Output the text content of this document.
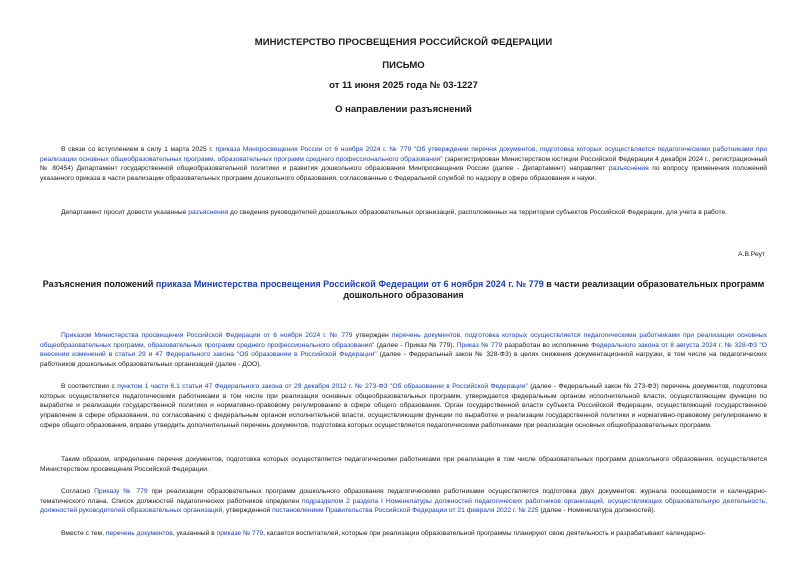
МИНИСТЕРСТВО ПРОСВЕЩЕНИЯ РОССИЙСКОЙ ФЕДЕРАЦИИ
ПИСЬМО
от 11 июня 2025 года № 03-1227
О направлении разъяснений
В связи со вступлением в силу 1 марта 2025 г. приказа Минпросвещения России от 6 ноября 2024 г. № 779 "Об утверждении перечня документов, подготовка которых осуществляется педагогическими работниками при реализации основных общеобразовательных программ, образовательных программ среднего профессионального образования" (зарегистрирован Министерством юстиции Российской Федерации 4 декабря 2024 г., регистрационный № 80454) Департамент государственной общеобразовательной политики и развития дошкольного образования Минпросвещения России (далее - Департамент) направляет разъяснения по вопросу применения положений указанного приказа в части реализации образовательных программ дошкольного образования, согласованные с Федеральной службой по надзору в сфере образования и науки.
Департамент просит довести указанные разъяснения до сведения руководителей дошкольных образовательных организаций, расположенных на территории субъектов Российской Федерации, для учета в работе.
А.В.Реут
Разъяснения положений приказа Министерства просвещения Российской Федерации от 6 ноября 2024 г. № 779 в части реализации образовательных программ дошкольного образования
Приказом Министерства просвещения Российской Федерации от 6 ноября 2024 г. № 779 утвержден перечень документов, подготовка которых осуществляется педагогическими работниками при реализации основных общеобразовательных программ, образовательных программ среднего профессионального образования" (далее - Приказ № 779). Приказ № 779 разработан во исполнение Федерального закона от 8 августа 2024 г. № 328-ФЗ "О внесении изменений в статьи 29 и 47 Федерального закона "Об образовании в Российской Федерации" (далее - Федеральный закон № 328-ФЗ) в целях снижения документационной нагрузки, в том числе на педагогических работников дошкольных образовательных организаций (далее - ДОО).
В соответствии с пунктом 1 части 6.1 статьи 47 Федерального закона от 29 декабря 2012 г. № 273-ФЗ "Об образовании в Российской Федерации" (далее - Федеральный закон № 273-ФЗ) перечень документов, подготовка которых осуществляется педагогическими работниками в том числе при реализации основных общеобразовательных программ, утверждается федеральным органом исполнительной власти, осуществляющим функции по выработке и реализации государственной политики и нормативно-правовому регулированию в сфере общего образования. Орган государственной власти субъекта Российской Федерации, осуществляющий государственное управление в сфере образования, по согласованию с федеральным органом исполнительной власти, осуществляющим функции по выработке и реализации государственной политики и нормативно-правовому регулированию в сфере общего образования, вправе утвердить дополнительный перечень документов, подготовка которых осуществляется педагогическими работниками при реализации основных общеобразовательных программ.
Таким образом, определение перечня документов, подготовка которых осуществляется педагогическими работниками при реализации в том числе образовательных программ дошкольного образования, осуществляется Министерством просвещения Российской Федерации.
Согласно Приказу № 779 при реализации образовательных программ дошкольного образования педагогическими работниками осуществляется подготовка двух документов: журнала посещаемости и календарно-тематического плана. Список должностей педагогических работников определен подразделом 2 раздела I Номенклатуры должностей педагогических работников организаций, осуществляющих образовательную деятельность, должностей руководителей образовательных организаций, утвержденной постановлением Правительства Российской Федерации от 21 февраля 2022 г. № 225 (далее - Номенклатура должностей).
Вместе с тем, перечень документов, указанный в приказе № 779, касается воспитателей, которые при реализации образовательной программы планируют свою деятельность и разрабатывают календарно-
